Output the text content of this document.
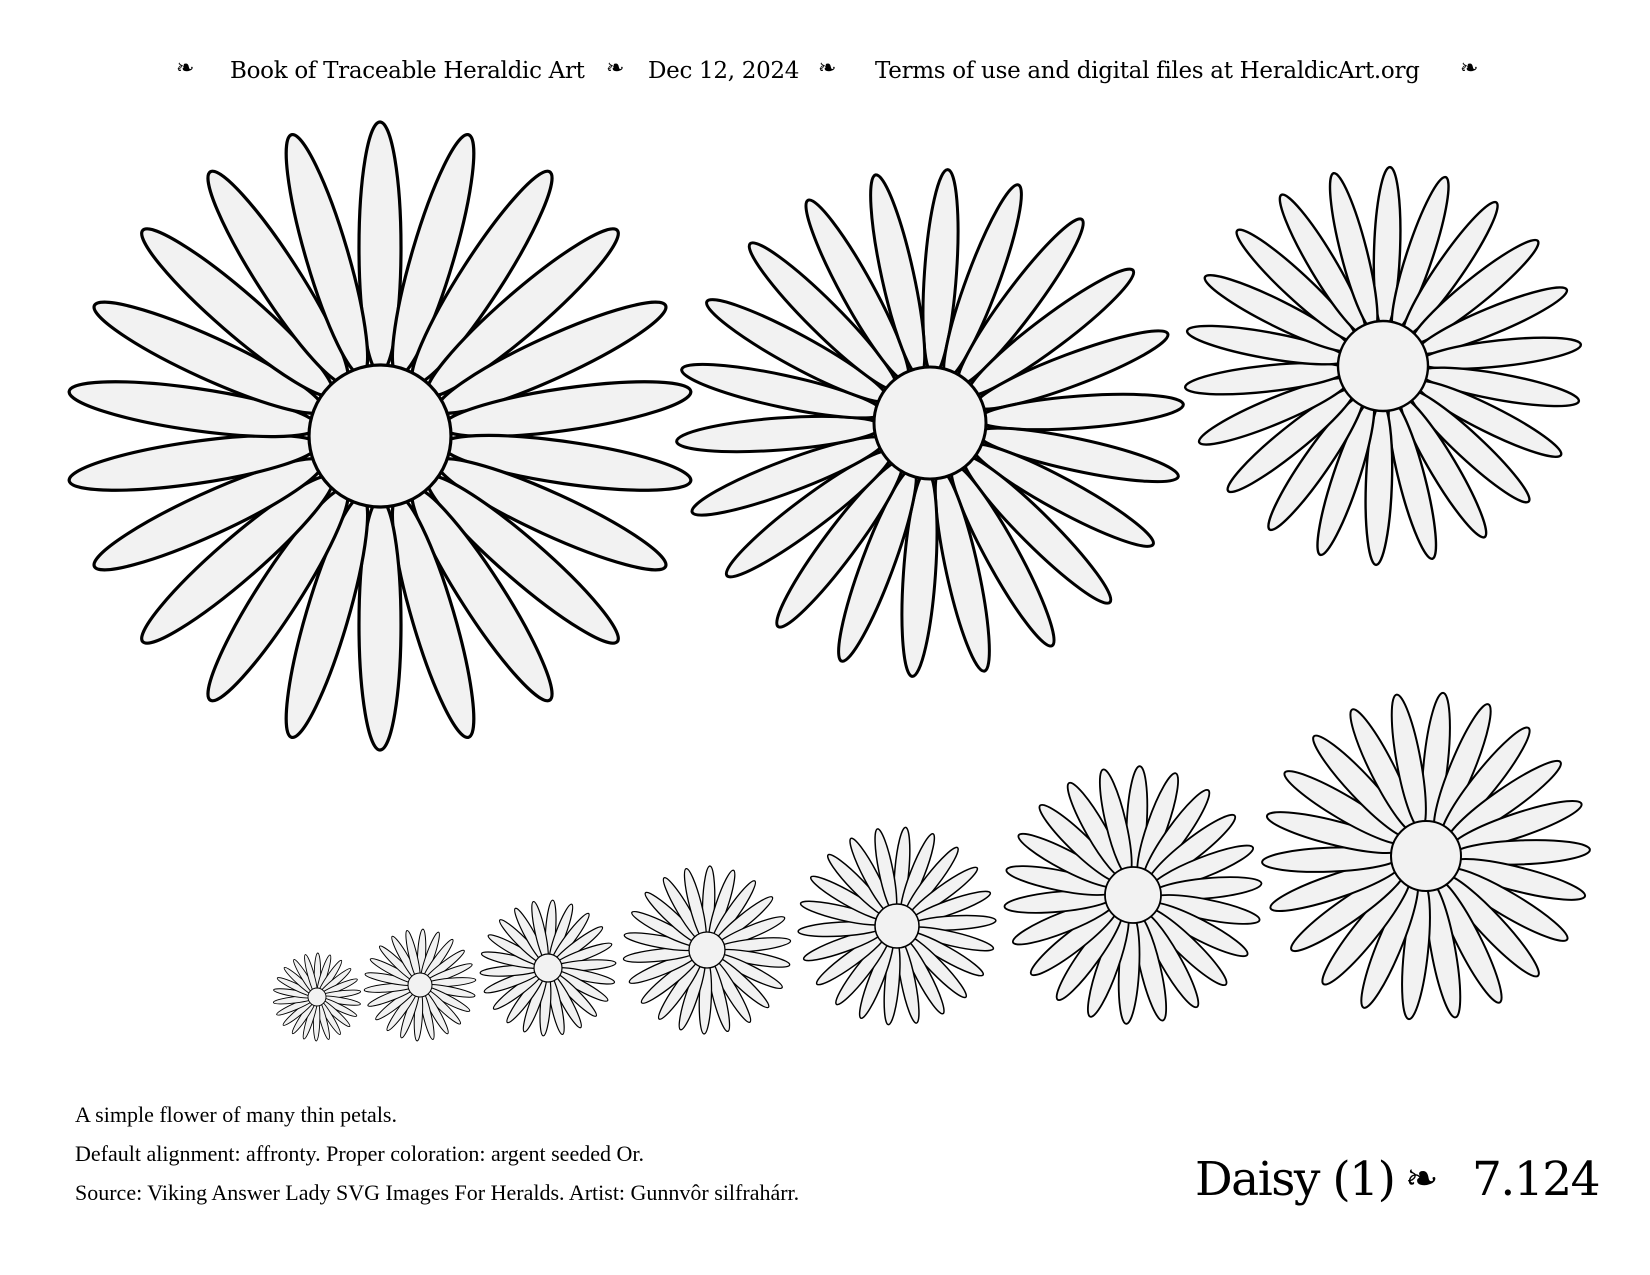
❧ Book of Traceable Heraldic Art ❧ Dec 12, 2024 ❧ Terms of use and digital files at HeraldicArt.org ❧
A simple flower of many thin petals.
Default alignment: affronty. Proper coloration: argent seeded Or.
Source: Viking Answer Lady SVG Images For Heralds. Artist: Gunnvôr silfrahárr.	Daisy (1) ❧ 7.124
